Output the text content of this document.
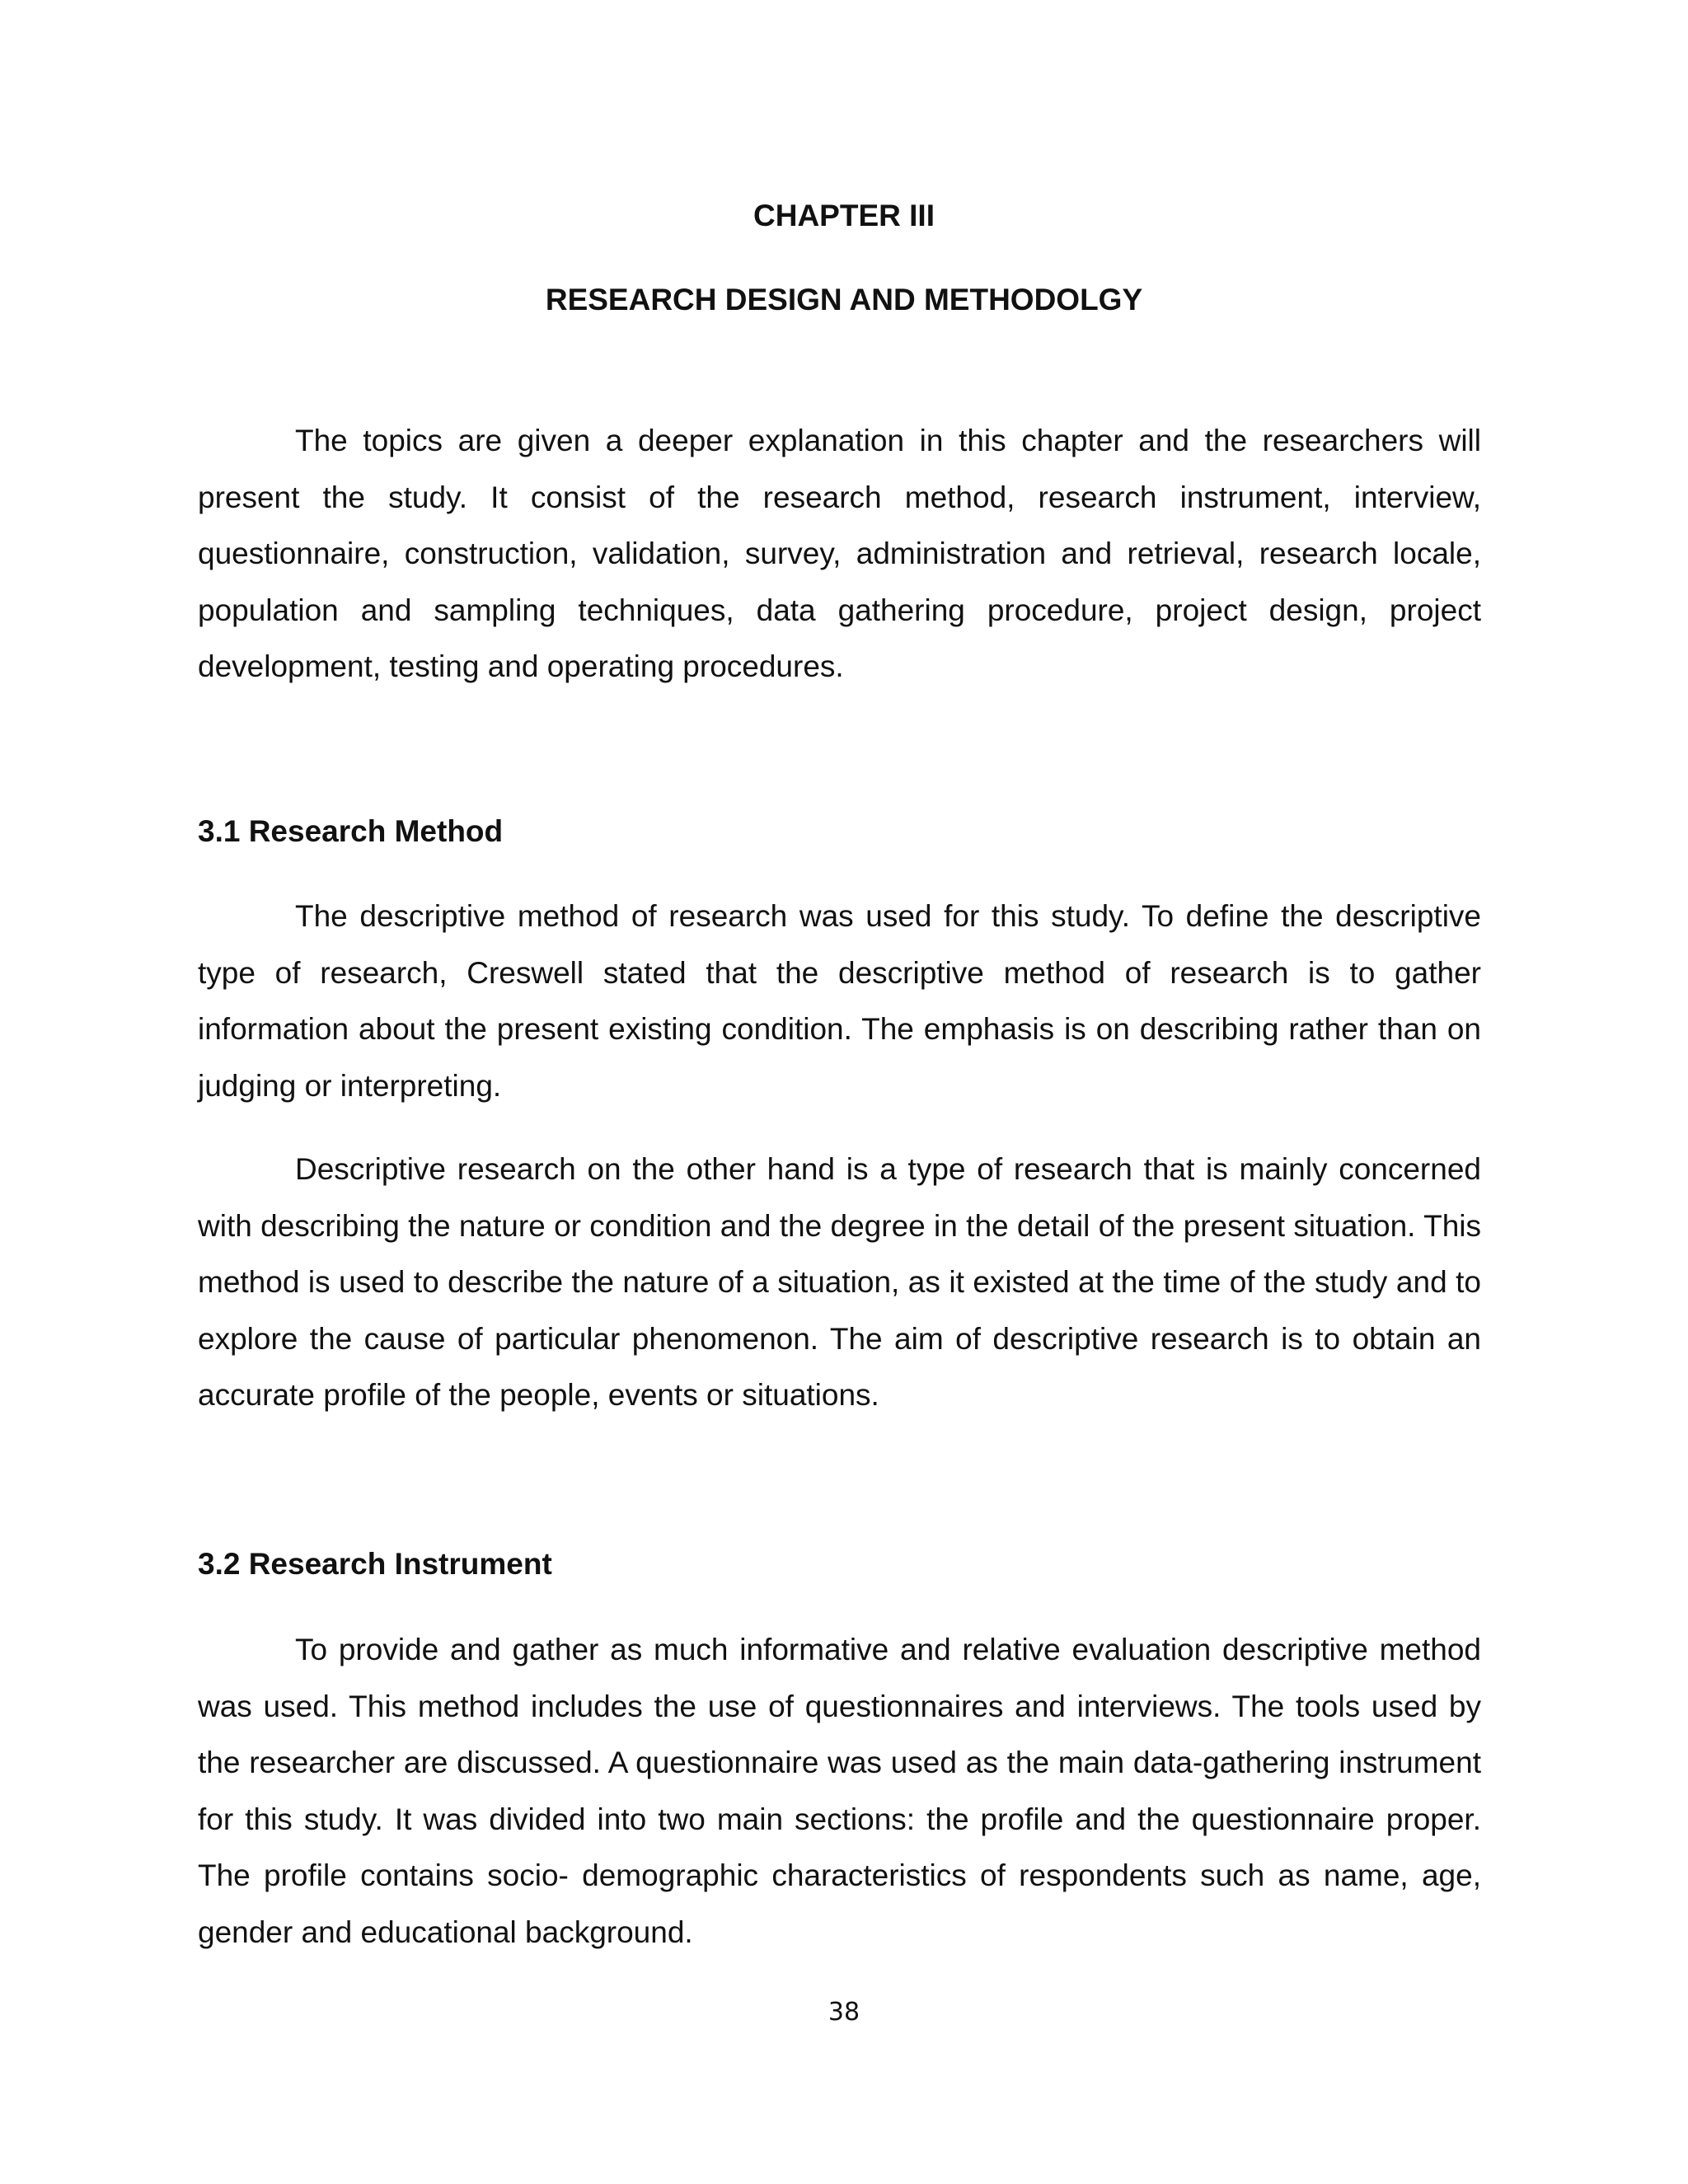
CHAPTER III
RESEARCH DESIGN AND METHODOLGY

The topics are given a deeper explanation in this chapter and the researchers will present the study. It consist of the research method, research instrument, interview, questionnaire, construction, validation, survey, administration and retrieval, research locale, population and sampling techniques, data gathering procedure, project design, project development, testing and operating procedures.

3.1 Research Method

The descriptive method of research was used for this study. To define the descriptive type of research, Creswell stated that the descriptive method of research is to gather information about the present existing condition. The emphasis is on describing rather than on judging or interpreting.

Descriptive research on the other hand is a type of research that is mainly concerned with describing the nature or condition and the degree in the detail of the present situation. This method is used to describe the nature of a situation, as it existed at the time of the study and to explore the cause of particular phenomenon. The aim of descriptive research is to obtain an accurate profile of the people, events or situations.

3.2 Research Instrument

To provide and gather as much informative and relative evaluation descriptive method was used. This method includes the use of questionnaires and interviews. The tools used by the researcher are discussed. A questionnaire was used as the main data-gathering instrument for this study. It was divided into two main sections: the profile and the questionnaire proper. The profile contains socio- demographic characteristics of respondents such as name, age, gender and educational background.

38
